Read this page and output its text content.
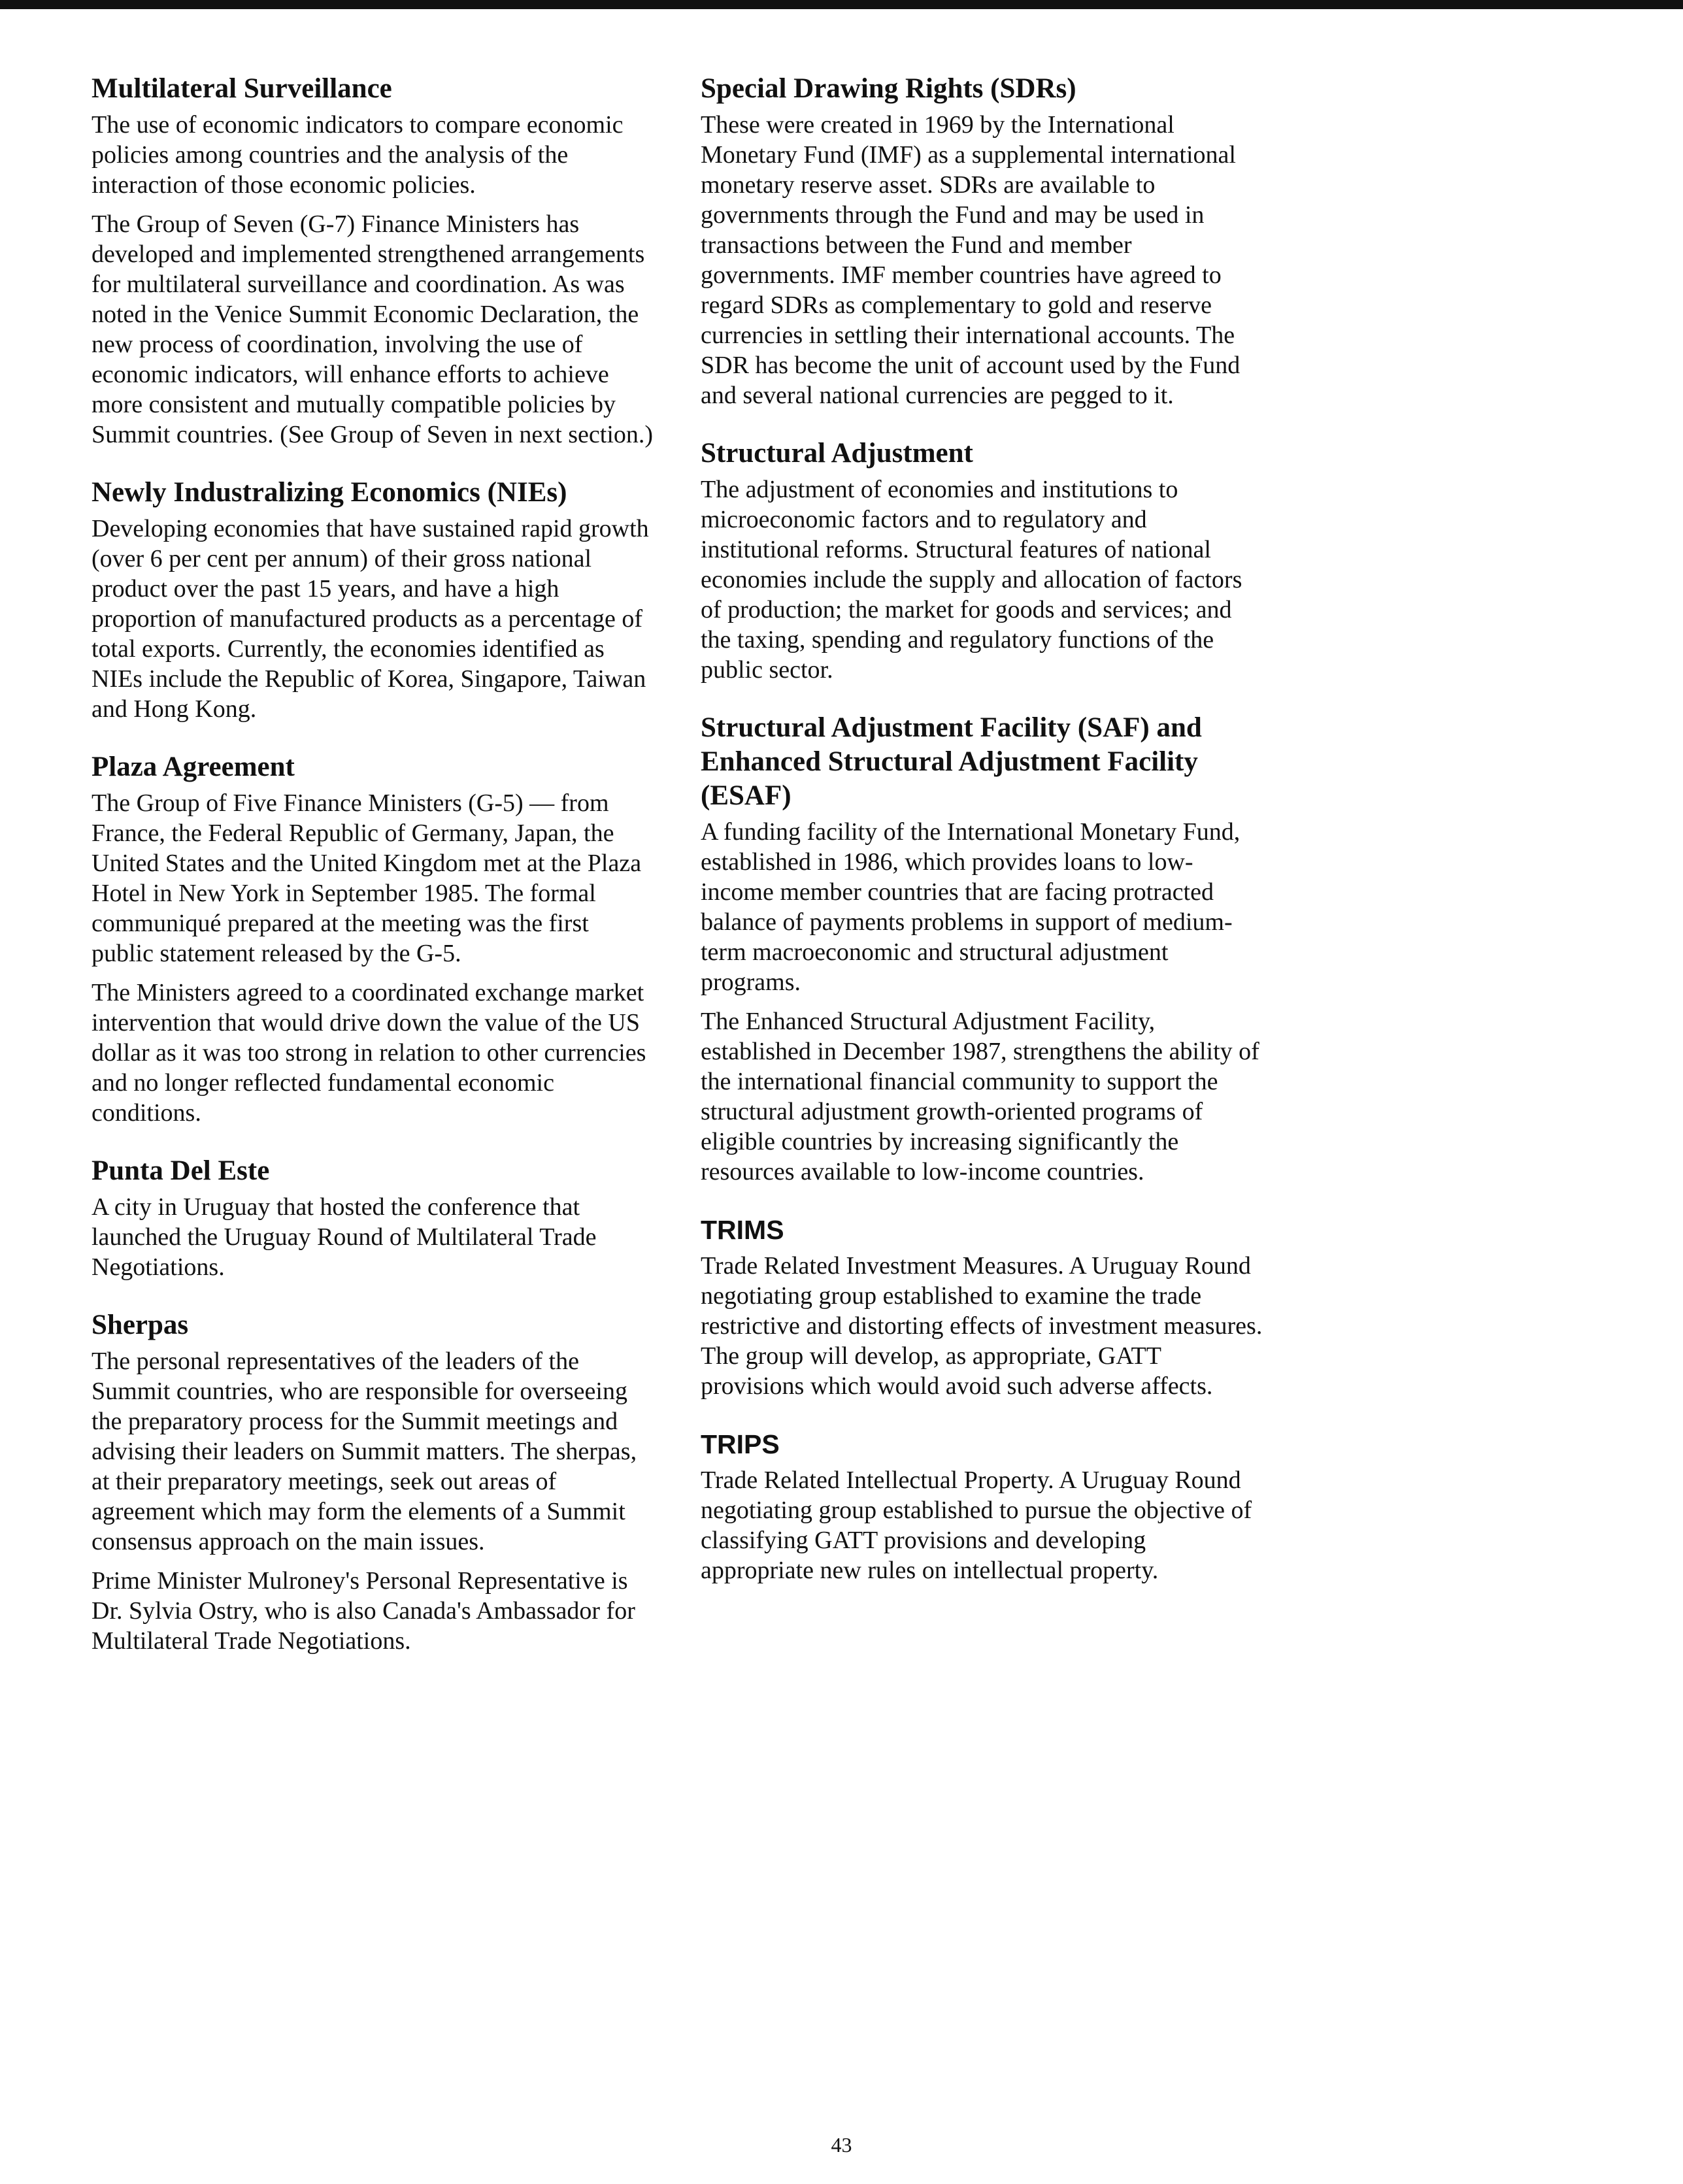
Multilateral Surveillance

The use of economic indicators to compare economic policies among countries and the analysis of the interaction of those economic policies.

The Group of Seven (G-7) Finance Ministers has developed and implemented strengthened arrangements for multilateral surveillance and coordination. As was noted in the Venice Summit Economic Declaration, the new process of coordination, involving the use of economic indicators, will enhance efforts to achieve more consistent and mutually compatible policies by Summit countries. (See Group of Seven in next section.)

Newly Industralizing Economics (NIEs)

Developing economies that have sustained rapid growth (over 6 per cent per annum) of their gross national product over the past 15 years, and have a high proportion of manufactured products as a percentage of total exports. Currently, the economies identified as NIEs include the Republic of Korea, Singapore, Taiwan and Hong Kong.

Plaza Agreement

The Group of Five Finance Ministers (G-5) — from France, the Federal Republic of Germany, Japan, the United States and the United Kingdom met at the Plaza Hotel in New York in September 1985. The formal communiqué prepared at the meeting was the first public statement released by the G-5.

The Ministers agreed to a coordinated exchange market intervention that would drive down the value of the US dollar as it was too strong in relation to other currencies and no longer reflected fundamental economic conditions.

Punta Del Este

A city in Uruguay that hosted the conference that launched the Uruguay Round of Multilateral Trade Negotiations.

Sherpas

The personal representatives of the leaders of the Summit countries, who are responsible for overseeing the preparatory process for the Summit meetings and advising their leaders on Summit matters. The sherpas, at their preparatory meetings, seek out areas of agreement which may form the elements of a Summit consensus approach on the main issues.

Prime Minister Mulroney's Personal Representative is Dr. Sylvia Ostry, who is also Canada's Ambassador for Multilateral Trade Negotiations.

Special Drawing Rights (SDRs)

These were created in 1969 by the International Monetary Fund (IMF) as a supplemental international monetary reserve asset. SDRs are available to governments through the Fund and may be used in transactions between the Fund and member governments. IMF member countries have agreed to regard SDRs as complementary to gold and reserve currencies in settling their international accounts. The SDR has become the unit of account used by the Fund and several national currencies are pegged to it.

Structural Adjustment

The adjustment of economies and institutions to microeconomic factors and to regulatory and institutional reforms. Structural features of national economies include the supply and allocation of factors of production; the market for goods and services; and the taxing, spending and regulatory functions of the public sector.

Structural Adjustment Facility (SAF) and Enhanced Structural Adjustment Facility (ESAF)

A funding facility of the International Monetary Fund, established in 1986, which provides loans to low-income member countries that are facing protracted balance of payments problems in support of medium-term macroeconomic and structural adjustment programs.

The Enhanced Structural Adjustment Facility, established in December 1987, strengthens the ability of the international financial community to support the structural adjustment growth-oriented programs of eligible countries by increasing significantly the resources available to low-income countries.

TRIMS

Trade Related Investment Measures. A Uruguay Round negotiating group established to examine the trade restrictive and distorting effects of investment measures. The group will develop, as appropriate, GATT provisions which would avoid such adverse affects.

TRIPS

Trade Related Intellectual Property. A Uruguay Round negotiating group established to pursue the objective of classifying GATT provisions and developing appropriate new rules on intellectual property.

43
